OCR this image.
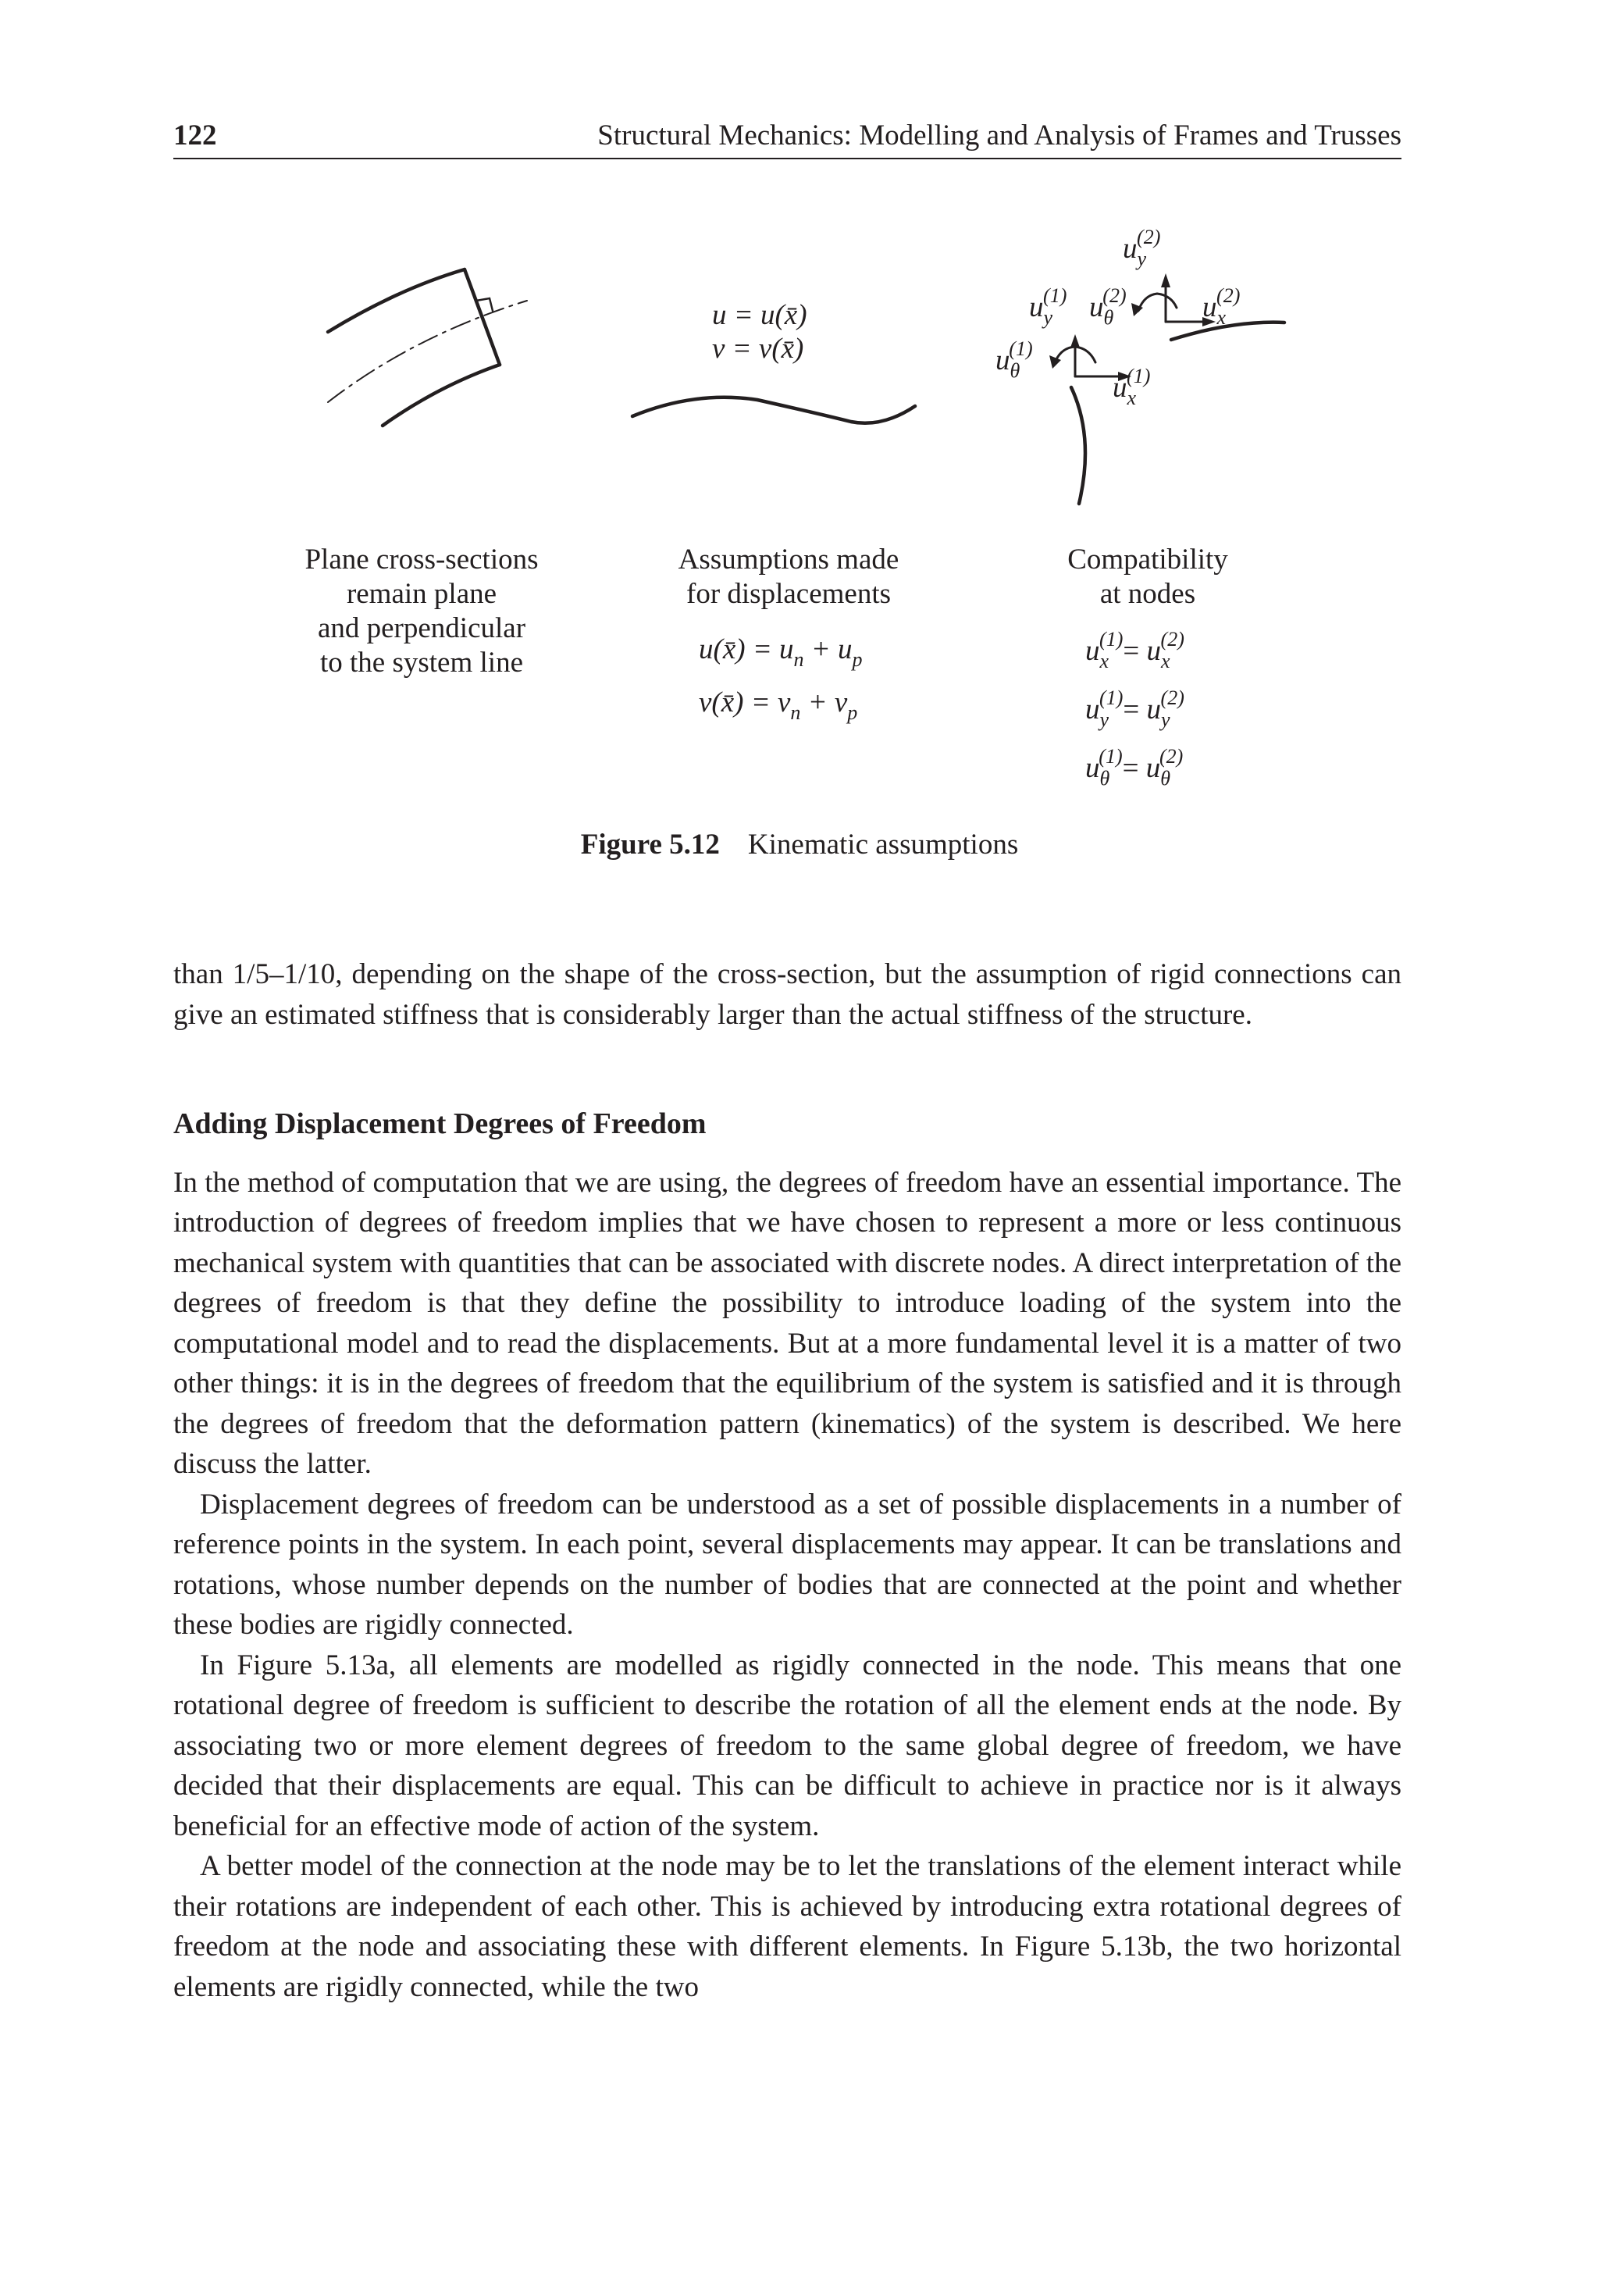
122	Structural Mechanics: Modelling and Analysis of Frames and Trusses
u = u(x̄)
v = v(x̄)
$u_y^{(2)}$
$u_y^{(1)}$ $u_\theta^{(2)}$	$u_x^{(2)}$
$u_\theta^{(1)}$
$u_x^{(1)}$
Plane cross-sections
remain plane
and perpendicular
to the system line
Assumptions made
for displacements
u(x̄) = $u_n + u_p$
v(x̄) = $v_n + v_p$
Compatibility
at nodes
$u_x^{(1)}= u_x^{(2)}$
$u_y^{(1)}= u_y^{(2)}$
$u_\theta^{(1)}= u_\theta^{(2)}$
Figure 5.12 Kinematic assumptions

than 1/5–1/10, depending on the shape of the cross-section, but the assumption of rigid connections can give an estimated stiffness that is considerably larger than the actual stiffness of the structure.

Adding Displacement Degrees of Freedom

In the method of computation that we are using, the degrees of freedom have an essential importance. The introduction of degrees of freedom implies that we have chosen to represent a more or less continuous mechanical system with quantities that can be associated with discrete nodes. A direct interpretation of the degrees of freedom is that they define the possibility to introduce loading of the system into the computational model and to read the displacements. But at a more fundamental level it is a matter of two other things: it is in the degrees of freedom that the equilibrium of the system is satisfied and it is through the degrees of freedom that the deformation pattern (kinematics) of the system is described. We here discuss the latter.

Displacement degrees of freedom can be understood as a set of possible displacements in a number of reference points in the system. In each point, several displacements may appear. It can be translations and rotations, whose number depends on the number of bodies that are connected at the point and whether these bodies are rigidly connected.

In Figure 5.13a, all elements are modelled as rigidly connected in the node. This means that one rotational degree of freedom is sufficient to describe the rotation of all the element ends at the node. By associating two or more element degrees of freedom to the same global degree of freedom, we have decided that their displacements are equal. This can be difficult to achieve in practice nor is it always beneficial for an effective mode of action of the system.

A better model of the connection at the node may be to let the translations of the element interact while their rotations are independent of each other. This is achieved by introducing extra rotational degrees of freedom at the node and associating these with different elements. In Figure 5.13b, the two horizontal elements are rigidly connected, while the two
